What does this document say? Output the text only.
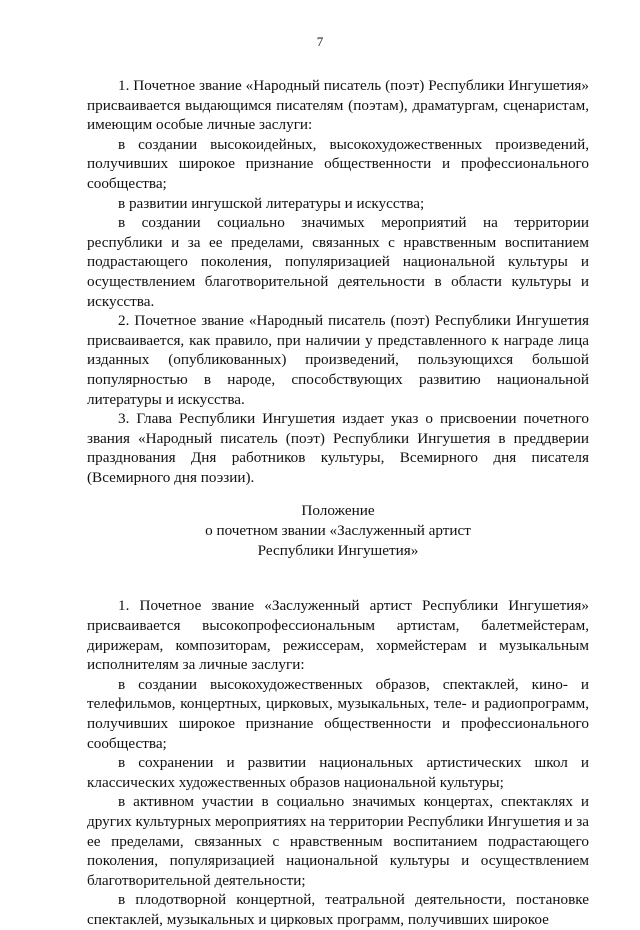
7

1. Почетное звание «Народный писатель (поэт) Республики Ингушетия» присваивается выдающимся писателям (поэтам), драматургам, сценаристам, имеющим особые личные заслуги:

в создании высокоидейных, высокохудожественных произведений, получивших широкое признание общественности и профессионального сообщества;

в развитии ингушской литературы и искусства;

в создании социально значимых мероприятий на территории республики и за ее пределами, связанных с нравственным воспитанием подрастающего поколения, популяризацией национальной культуры и осуществлением благотворительной деятельности в области культуры и искусства.

2. Почетное звание «Народный писатель (поэт) Республики Ингушетия присваивается, как правило, при наличии у представленного к награде лица изданных (опубликованных) произведений, пользующихся большой популярностью в народе, способствующих развитию национальной литературы и искусства.

3. Глава Республики Ингушетия издает указ о присвоении почетного звания «Народный писатель (поэт) Республики Ингушетия в преддверии празднования Дня работников культуры, Всемирного дня писателя (Всемирного дня поэзии).

Положение
о почетном звании «Заслуженный артист
Республики Ингушетия»

1. Почетное звание «Заслуженный артист Республики Ингушетия» присваивается высокопрофессиональным артистам, балетмейстерам, дирижерам, композиторам, режиссерам, хормейстерам и музыкальным исполнителям за личные заслуги:

в создании высокохудожественных образов, спектаклей, кино- и телефильмов, концертных, цирковых, музыкальных, теле- и радиопрограмм, получивших широкое признание общественности и профессионального сообщества;

в сохранении и развитии национальных артистических школ и классических художественных образов национальной культуры;

в активном участии в социально значимых концертах, спектаклях и других культурных мероприятиях на территории Республики Ингушетия и за ее пределами, связанных с нравственным воспитанием подрастающего поколения, популяризацией национальной культуры и осуществлением благотворительной деятельности;

в плодотворной концертной, театральной деятельности, постановке спектаклей, музыкальных и цирковых программ, получивших широкое
